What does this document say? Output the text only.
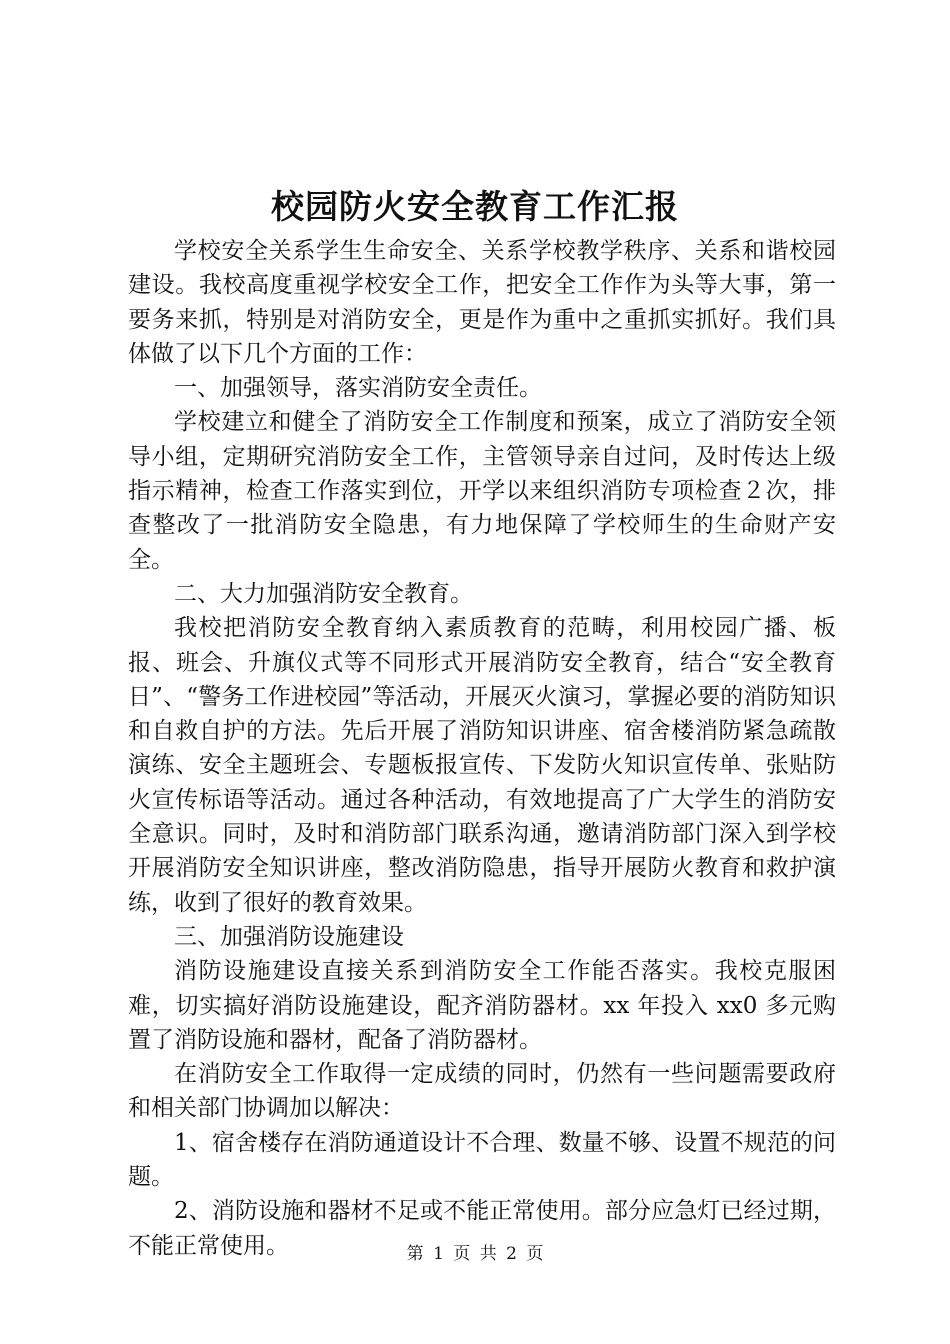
校园防火安全教育工作汇报

学校安全关系学生生命安全、关系学校教学秩序、关系和谐校园建设。我校高度重视学校安全工作，把安全工作作为头等大事，第一要务来抓，特别是对消防安全，更是作为重中之重抓实抓好。我们具体做了以下几个方面的工作：

一、加强领导，落实消防安全责任。

学校建立和健全了消防安全工作制度和预案，成立了消防安全领导小组，定期研究消防安全工作，主管领导亲自过问，及时传达上级指示精神，检查工作落实到位，开学以来组织消防专项检查２次，排查整改了一批消防安全隐患，有力地保障了学校师生的生命财产安全。

二、大力加强消防安全教育。

我校把消防安全教育纳入素质教育的范畴，利用校园广播、板报、班会、升旗仪式等不同形式开展消防安全教育，结合“安全教育日”、“警务工作进校园”等活动，开展灭火演习，掌握必要的消防知识和自救自护的方法。先后开展了消防知识讲座、宿舍楼消防紧急疏散演练、安全主题班会、专题板报宣传、下发防火知识宣传单、张贴防火宣传标语等活动。通过各种活动，有效地提高了广大学生的消防安全意识。同时，及时和消防部门联系沟通，邀请消防部门深入到学校开展消防安全知识讲座，整改消防隐患，指导开展防火教育和救护演练，收到了很好的教育效果。

三、加强消防设施建设

消防设施建设直接关系到消防安全工作能否落实。我校克服困难，切实搞好消防设施建设，配齐消防器材。xx 年投入 xx0 多元购置了消防设施和器材，配备了消防器材。

在消防安全工作取得一定成绩的同时，仍然有一些问题需要政府和相关部门协调加以解决：

1、宿舍楼存在消防通道设计不合理、数量不够、设置不规范的问题。

2、消防设施和器材不足或不能正常使用。部分应急灯已经过期，不能正常使用。	第 1 页 共 2 页
